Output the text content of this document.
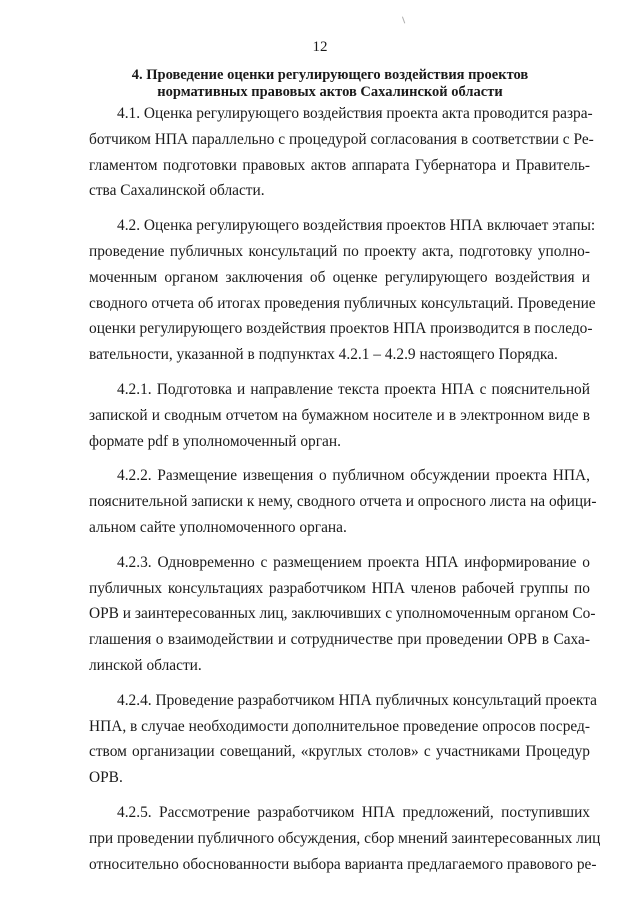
12
4. Проведение оценки регулирующего воздействия проектов
нормативных правовых актов Сахалинской области
4.1. Оценка регулирующего воздействия проекта акта проводится разра-
ботчиком НПА параллельно с процедурой согласования в соответствии с Ре-
гламентом подготовки правовых актов аппарата Губернатора и Правитель-
ства Сахалинской области.
4.2. Оценка регулирующего воздействия проектов НПА включает этапы:
проведение публичных консультаций по проекту акта, подготовку уполно-
моченным органом заключения об оценке регулирующего воздействия и
сводного отчета об итогах проведения публичных консультаций. Проведение
оценки регулирующего воздействия проектов НПА производится в последо-
вательности, указанной в подпунктах 4.2.1 – 4.2.9 настоящего Порядка.
4.2.1. Подготовка и направление текста проекта НПА с пояснительной
запиской и сводным отчетом на бумажном носителе и в электронном виде в
формате pdf в уполномоченный орган.
4.2.2. Размещение извещения о публичном обсуждении проекта НПА,
пояснительной записки к нему, сводного отчета и опросного листа на офици-
альном сайте уполномоченного органа.
4.2.3. Одновременно с размещением проекта НПА информирование о
публичных консультациях разработчиком НПА членов рабочей группы по
ОРВ и заинтересованных лиц, заключивших с уполномоченным органом Со-
глашения о взаимодействии и сотрудничестве при проведении ОРВ в Саха-
линской области.
4.2.4. Проведение разработчиком НПА публичных консультаций проекта
НПА, в случае необходимости дополнительное проведение опросов посред-
ством организации совещаний, «круглых столов» с участниками Процедур
ОРВ.
4.2.5. Рассмотрение разработчиком НПА предложений, поступивших
при проведении публичного обсуждения, сбор мнений заинтересованных лиц
относительно обоснованности выбора варианта предлагаемого правового ре-
